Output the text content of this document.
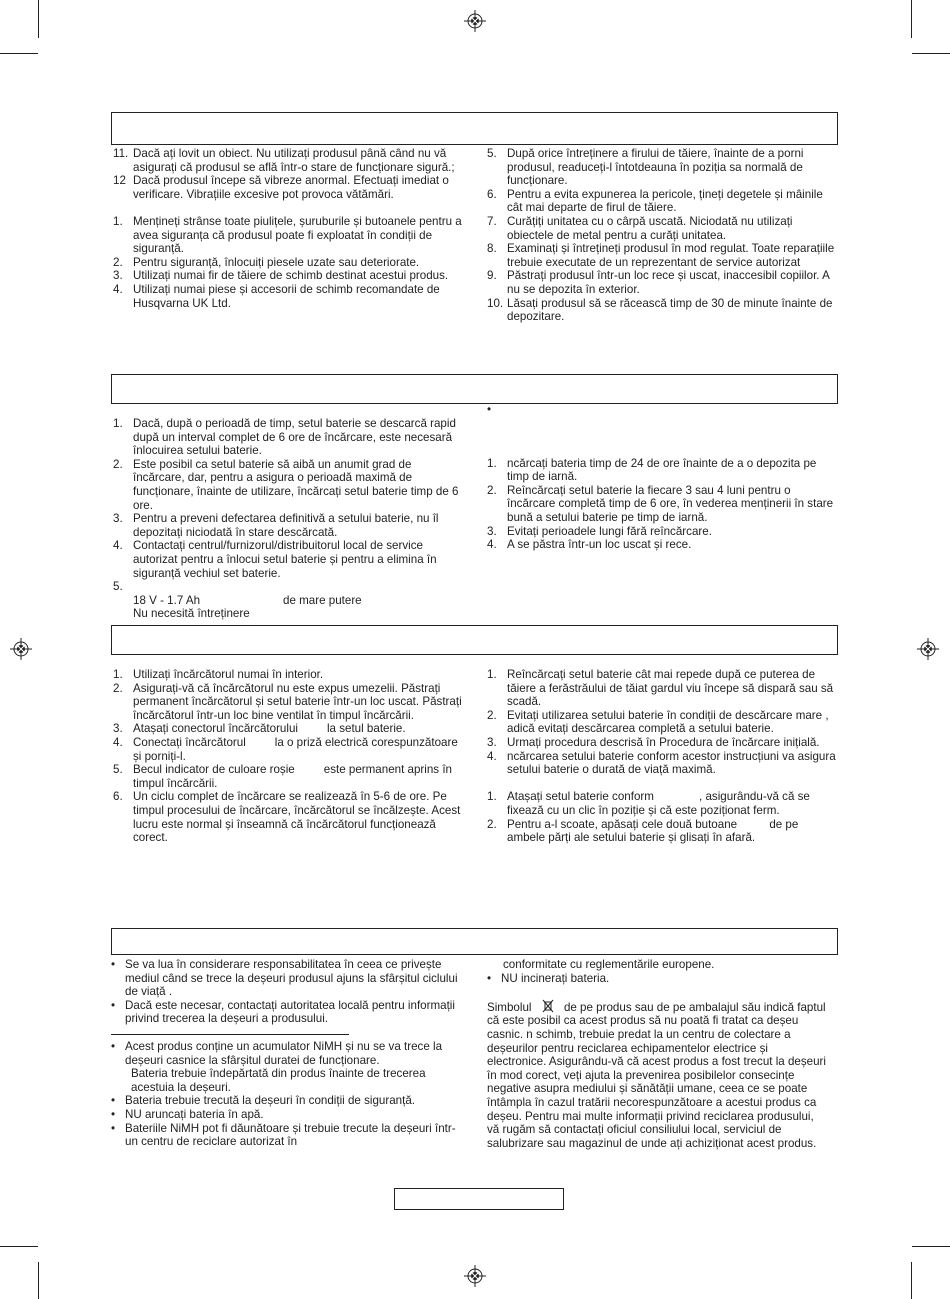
11. Dacă ați lovit un obiect. Nu utilizați produsul până când nu vă asigurați că produsul se află într-o stare de funcționare sigură.;
12 Dacă produsul începe să vibreze anormal. Efectuați imediat o verificare. Vibrațiile excesive pot provoca vătămări.
1. Mențineți strânse toate piulițele, șuruburile și butoanele pentru a avea siguranța că produsul poate fi exploatat în condiții de siguranță.
2. Pentru siguranță, înlocuiți piesele uzate sau deteriorate.
3. Utilizați numai fir de tăiere de schimb destinat acestui produs.
4. Utilizați numai piese și accesorii de schimb recomandate de Husqvarna UK Ltd.
5. După orice întreținere a firului de tăiere, înainte de a porni produsul, readuceți-l întotdeauna în poziția sa normală de funcționare.
6. Pentru a evita expunerea la pericole, țineți degetele și mâinile cât mai departe de firul de tăiere.
7. Curățiți unitatea cu o cârpă uscată. Niciodată nu utilizați obiectele de metal pentru a curăți unitatea.
8. Examinați și întrețineți produsul în mod regulat. Toate reparațiile trebuie executate de un reprezentant de service autorizat
9. Păstrați produsul într-un loc rece și uscat, inaccesibil copiilor. A nu se depozita în exterior.
10. Lăsați produsul să se răcească timp de 30 de minute înainte de depozitare.
1. Dacă, după o perioadă de timp, setul baterie se descarcă rapid după un interval complet de 6 ore de încărcare, este necesară înlocuirea setului baterie.
2. Este posibil ca setul baterie să aibă un anumit grad de încărcare, dar, pentru a asigura o perioadă maximă de funcționare, înainte de utilizare, încărcați setul baterie timp de 6 ore.
3. Pentru a preveni defectarea definitivă a setului baterie, nu îl depozitați niciodată în stare descărcată.
4. Contactați centrul/furnizorul/distribuitorul local de service autorizat pentru a înlocui setul baterie și pentru a elimina în siguranță vechiul set baterie.
5.

18 V - 1.7 Ah	de mare putere
Nu necesită întreținere
•
1. ncărcați bateria timp de 24 de ore înainte de a o depozita pe timp de iarnă.
2. Reîncărcați setul baterie la fiecare 3 sau 4 luni pentru o încărcare completă timp de 6 ore, în vederea menținerii în stare bună a setului baterie pe timp de iarnă.
3. Evitați perioadele lungi fără reîncărcare.
4. A se păstra într-un loc uscat și rece.
1. Utilizați încărcătorul numai în interior.
2. Asigurați-vă că încărcătorul nu este expus umezelii. Păstrați permanent încărcătorul și setul baterie într-un loc uscat. Păstrați încărcătorul într-un loc bine ventilat în timpul încărcării.
3. Atașați conectorul încărcătorului         la setul baterie.
4. Conectați încărcătorul         la o priză electrică corespunzătoare și porniți-l.
5. Becul indicator de culoare roșie         este permanent aprins în timpul încărcării.
6. Un ciclu complet de încărcare se realizează în 5-6 de ore. Pe timpul procesului de încărcare, încărcătorul se încălzește. Acest lucru este normal și înseamnă că încărcătorul funcționează corect.
1. Reîncărcați setul baterie cât mai repede după ce puterea de tăiere a ferăstrăului de tăiat gardul viu începe să dispară sau să scadă.
2. Evitați utilizarea setului baterie în condiții de descărcare mare , adică evitați descărcarea completă a setului baterie.
3. Urmați procedura descrisă în Procedura de încărcare inițială.
4. ncărcarea setului baterie conform acestor instrucțiuni va asigura setului baterie o durată de viață maximă.
1. Atașați setul baterie conform              , asigurându-vă că se fixează cu un clic în poziție și că este poziționat ferm.
2. Pentru a-l scoate, apăsați cele două butoane          de pe ambele părți ale setului baterie și glisați în afară.
• Se va lua în considerare responsabilitatea în ceea ce privește mediul când se trece la deșeuri produsul ajuns la sfârșitul ciclului de viață .
• Dacă este necesar, contactați autoritatea locală pentru informații privind trecerea la deșeuri a produsului.
• Acest produs conține un acumulator NiMH și nu se va trece la deșeuri casnice la sfârșitul duratei de funcționare.
Bateria trebuie îndepărtată din produs înainte de trecerea acestuia la deșeuri.
• Bateria trebuie trecută la deșeuri în condiții de siguranță.
• NU aruncați bateria în apă.
• Bateriile NiMH pot fi dăunătoare și trebuie trecute la deșeuri într-un centru de reciclare autorizat în
conformitate cu reglementările europene.
• NU incinerați bateria.
Simbolul	de pe produs sau de pe ambalajul său indică faptul că este posibil ca acest produs să nu poată fi tratat ca deșeu casnic. n schimb, trebuie predat la un centru de colectare a deșeurilor pentru reciclarea echipamentelor electrice și electronice. Asigurându-vă că acest produs a fost trecut la deșeuri în mod corect, veți ajuta la prevenirea posibilelor consecințe negative asupra mediului și sănătății umane, ceea ce se poate întâmpla în cazul tratării necorespunzătoare a acestui produs ca deșeu. Pentru mai multe informații privind reciclarea produsului, vă rugăm să contactați oficiul consiliului local, serviciul de salubrizare sau magazinul de unde ați achiziționat acest produs.
